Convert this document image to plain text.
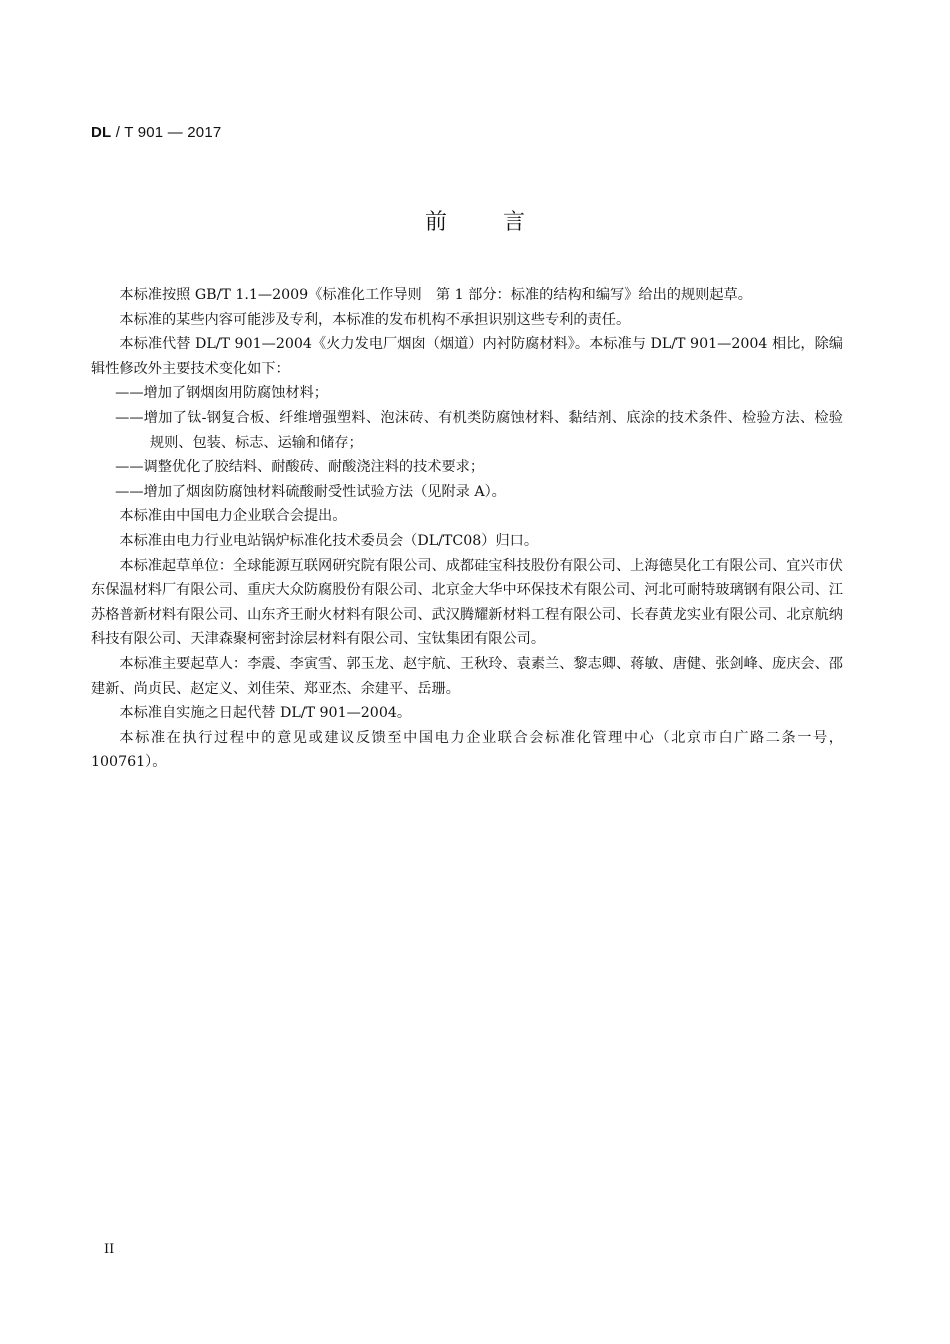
DL / T 901 — 2017
前言

本标准按照 GB/T 1.1—2009《标准化工作导则　第 1 部分：标准的结构和编写》给出的规则起草。

本标准的某些内容可能涉及专利，本标准的发布机构不承担识别这些专利的责任。

本标准代替 DL/T 901—2004《火力发电厂烟囱（烟道）内衬防腐材料》。本标准与 DL/T 901—2004 相比，除编辑性修改外主要技术变化如下：

——增加了钢烟囱用防腐蚀材料；

——增加了钛-钢复合板、纤维增强塑料、泡沫砖、有机类防腐蚀材料、黏结剂、底涂的技术条件、检验方法、检验规则、包装、标志、运输和储存；

——调整优化了胶结料、耐酸砖、耐酸浇注料的技术要求；

——增加了烟囱防腐蚀材料硫酸耐受性试验方法（见附录 A）。

本标准由中国电力企业联合会提出。

本标准由电力行业电站锅炉标准化技术委员会（DL/TC08）归口。

本标准起草单位：全球能源互联网研究院有限公司、成都硅宝科技股份有限公司、上海德昊化工有限公司、宜兴市伏东保温材料厂有限公司、重庆大众防腐股份有限公司、北京金大华中环保技术有限公司、河北可耐特玻璃钢有限公司、江苏格普新材料有限公司、山东齐王耐火材料有限公司、武汉腾耀新材料工程有限公司、长春黄龙实业有限公司、北京航纳科技有限公司、天津森聚柯密封涂层材料有限公司、宝钛集团有限公司。

本标准主要起草人：李震、李寅雪、郭玉龙、赵宇航、王秋玲、袁素兰、黎志卿、蒋敏、唐健、张剑峰、庞庆会、邵建新、尚贞民、赵定义、刘佳荣、郑亚杰、余建平、岳珊。

本标准自实施之日起代替 DL/T 901—2004。

本标准在执行过程中的意见或建议反馈至中国电力企业联合会标准化管理中心（北京市白广路二条一号，100761）。

II
